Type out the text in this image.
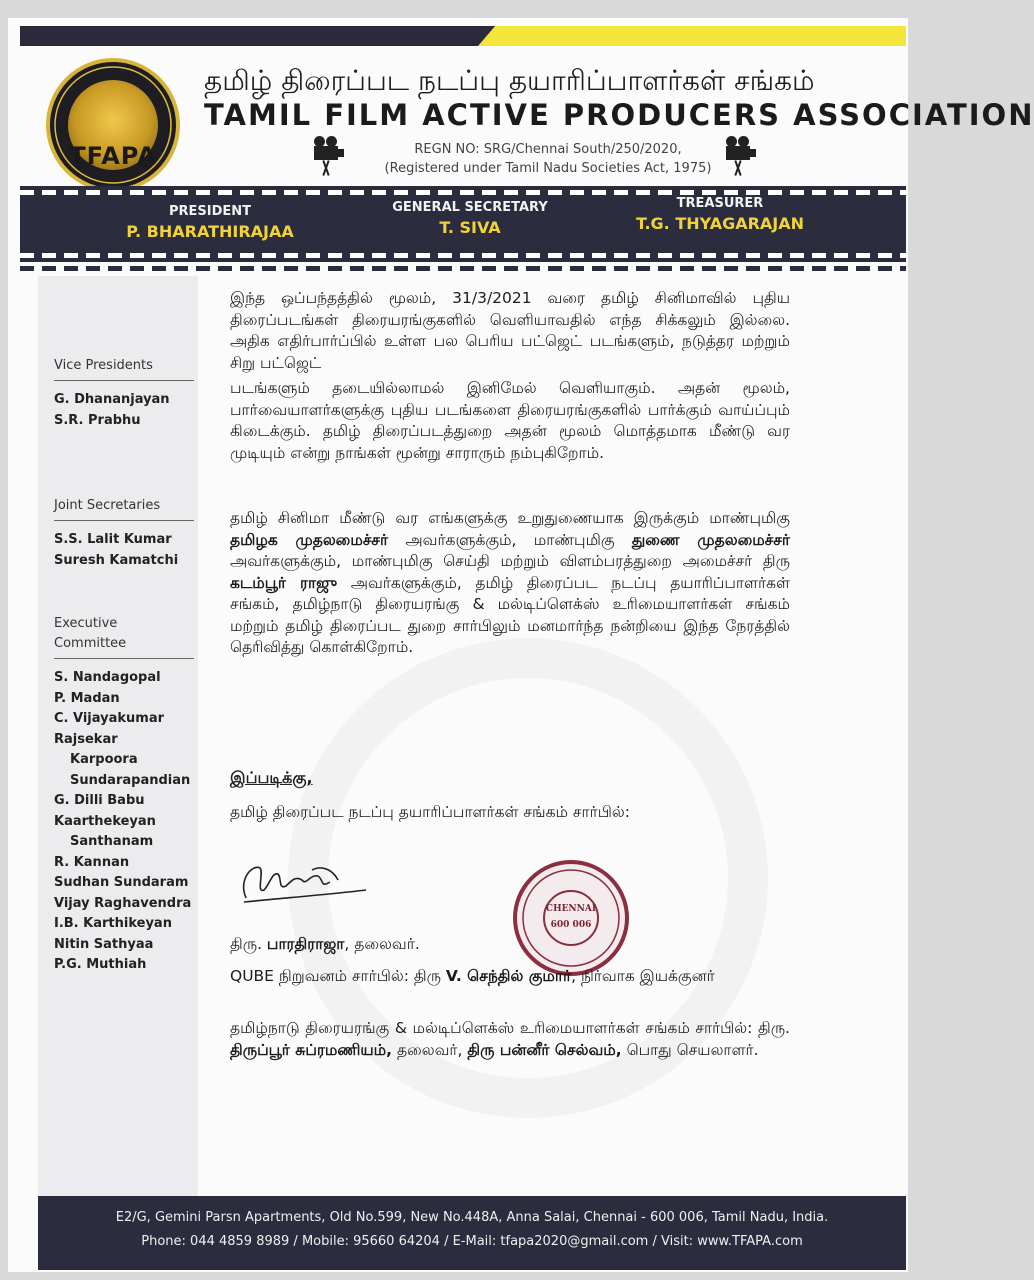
TFAPA
தமிழ் திரைப்பட நடப்பு தயாரிப்பாளர்கள் சங்கம்
TAMIL FILM ACTIVE PRODUCERS ASSOCIATION
REGN NO: SRG/Chennai South/250/2020,
(Registered under Tamil Nadu Societies Act, 1975)
PRESIDENT
P. BHARATHIRAJAA
GENERAL SECRETARY
T. SIVA
TREASURER
T.G. THYAGARAJAN
Vice Presidents
G. Dhananjayan
S.R. Prabhu
Joint Secretaries
S.S. Lalit Kumar
Suresh Kamatchi
Executive
Committee
S. Nandagopal
P. Madan
C. Vijayakumar
Rajsekar
Karpoora
Sundarapandian
G. Dilli Babu
Kaarthekeyan
Santhanam
R. Kannan
Sudhan Sundaram
Vijay Raghavendra
I.B. Karthikeyan
Nitin Sathyaa
P.G. Muthiah
இந்த ஒப்பந்தத்தில் மூலம், 31/3/2021 வரை தமிழ் சினிமாவில் புதிய திரைப்படங்கள் திரையரங்குகளில் வெளியாவதில் எந்த சிக்கலும் இல்லை. அதிக எதிர்பார்ப்பில் உள்ள பல பெரிய பட்ஜெட் படங்களும், நடுத்தர மற்றும் சிறு பட்ஜெட்
படங்களும் தடையில்லாமல் இனிமேல் வெளியாகும். அதன் மூலம், பார்வையாளர்களுக்கு புதிய படங்களை திரையரங்குகளில் பார்க்கும் வாய்ப்பும் கிடைக்கும். தமிழ் திரைப்படத்துறை அதன் மூலம் மொத்தமாக மீண்டு வர முடியும் என்று நாங்கள் மூன்று சாராரும் நம்புகிறோம்.
தமிழ் சினிமா மீண்டு வர எங்களுக்கு உறுதுணையாக இருக்கும் மாண்புமிகு தமிழக முதலமைச்சர் அவர்களுக்கும், மாண்புமிகு துணை முதலமைச்சர் அவர்களுக்கும், மாண்புமிகு செய்தி மற்றும் விளம்பரத்துறை அமைச்சர் திரு கடம்பூர் ராஜு அவர்களுக்கும், தமிழ் திரைப்பட நடப்பு தயாரிப்பாளர்கள் சங்கம், தமிழ்நாடு திரையரங்கு & மல்டிப்ளெக்ஸ் உரிமையாளர்கள் சங்கம் மற்றும் தமிழ் திரைப்பட துறை சார்பிலும் மனமார்ந்த நன்றியை இந்த நேரத்தில் தெரிவித்து கொள்கிறோம்.
இப்படிக்கு,
தமிழ் திரைப்பட நடப்பு தயாரிப்பாளர்கள் சங்கம் சார்பில்:
CHENNAI
600 006
திரு. பாரதிராஜா, தலைவர்.
QUBE நிறுவனம் சார்பில்: திரு V. செந்தில் குமார், நிர்வாக இயக்குனர்
தமிழ்நாடு திரையரங்கு & மல்டிப்ளெக்ஸ் உரிமையாளர்கள் சங்கம் சார்பில்: திரு. திருப்பூர் சுப்ரமணியம், தலைவர், திரு பன்னீர் செல்வம், பொது செயலாளர்.
E2/G, Gemini Parsn Apartments, Old No.599, New No.448A, Anna Salai, Chennai - 600 006, Tamil Nadu, India.
Phone: 044 4859 8989 / Mobile: 95660 64204 / E-Mail: tfapa2020@gmail.com / Visit: www.TFAPA.com
